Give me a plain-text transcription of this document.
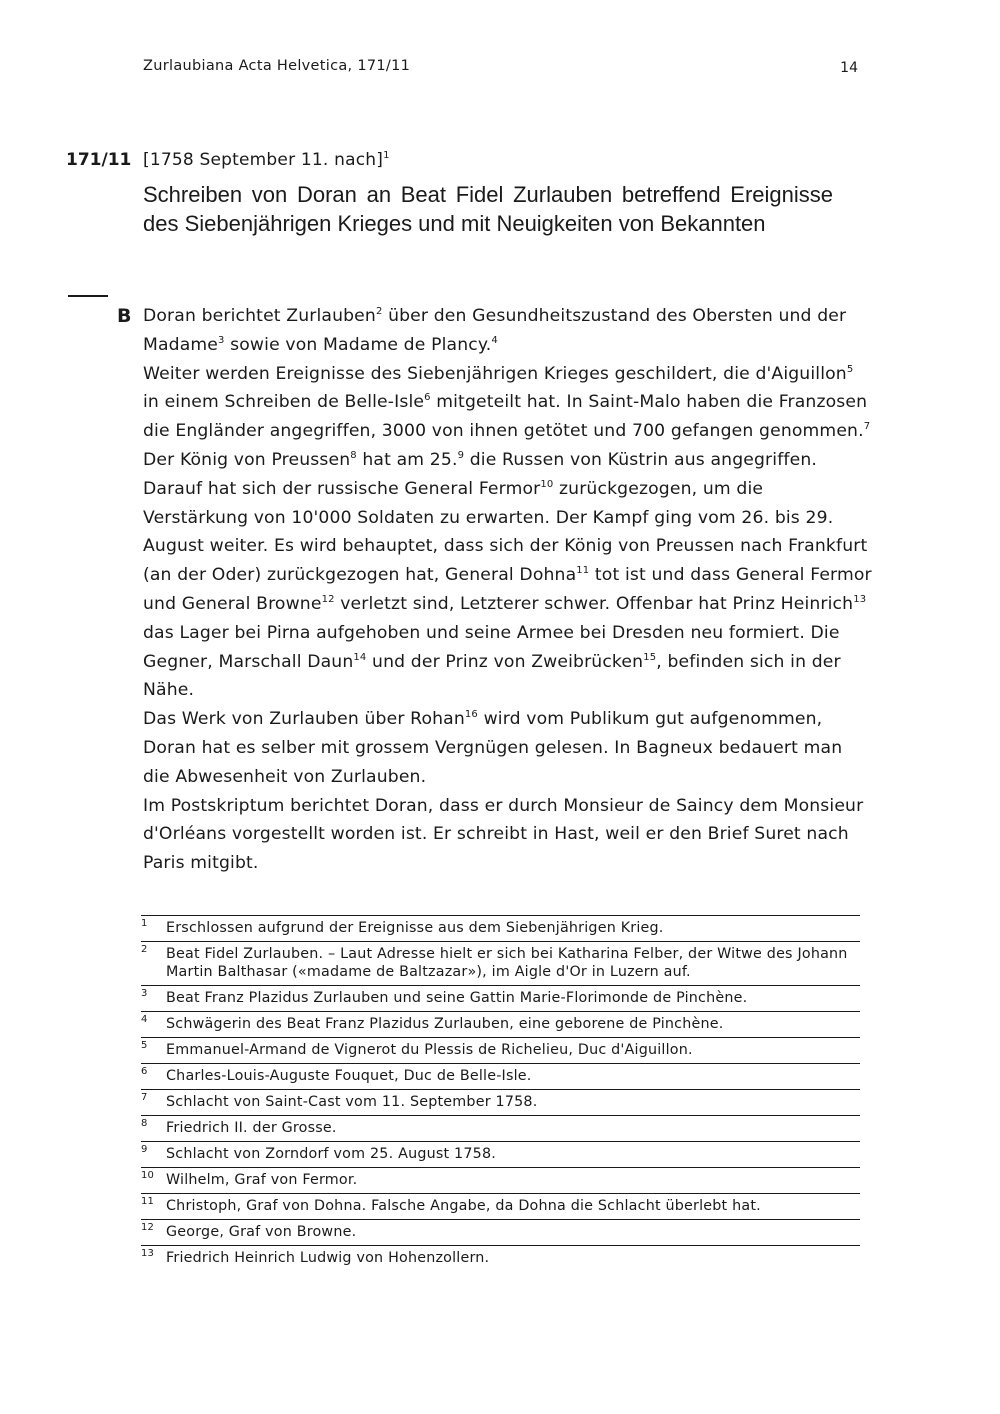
Zurlaubiana Acta Helvetica, 171/11	14
171/11 [1758 September 11. nach]$^1$
Schreiben von Doran an Beat Fidel Zurlauben betreffend Ereignisse des Siebenjährigen Krieges und mit Neuigkeiten von Bekannten
B Doran berichtet Zurlauben$^2$ über den Gesundheitszustand des Obersten und der Madame$^3$ sowie von Madame de Plancy.$^4$

Weiter werden Ereignisse des Siebenjährigen Krieges geschildert, die d'Aiguillon$^5$ in einem Schreiben de Belle-Isle$^6$ mitgeteilt hat. In Saint-Malo haben die Franzosen die Engländer angegriffen, 3000 von ihnen getötet und 700 gefangen genommen.$^7$ Der König von Preussen$^8$ hat am 25.$^9$ die Russen von Küstrin aus angegriffen. Darauf hat sich der russische General Fermor$^{10}$ zurückgezogen, um die Verstärkung von 10'000 Soldaten zu erwarten. Der Kampf ging vom 26. bis 29. August weiter. Es wird behauptet, dass sich der König von Preussen nach Frankfurt (an der Oder) zurückgezogen hat, General Dohna$^{11}$ tot ist und dass General Fermor und General Browne$^{12}$ verletzt sind, Letzterer schwer. Offenbar hat Prinz Heinrich$^{13}$ das Lager bei Pirna aufgehoben und seine Armee bei Dresden neu formiert. Die Gegner, Marschall Daun$^{14}$ und der Prinz von Zweibrücken$^{15}$, befinden sich in der Nähe.

Das Werk von Zurlauben über Rohan$^{16}$ wird vom Publikum gut aufgenommen, Doran hat es selber mit grossem Vergnügen gelesen. In Bagneux bedauert man die Abwesenheit von Zurlauben.

Im Postskriptum berichtet Doran, dass er durch Monsieur de Saincy dem Monsieur d'Orléans vorgestellt worden ist. Er schreibt in Hast, weil er den Brief Suret nach Paris mitgibt.

1	Erschlossen aufgrund der Ereignisse aus dem Siebenjährigen Krieg.
2	Beat Fidel Zurlauben. – Laut Adresse hielt er sich bei Katharina Felber, der Witwe des Johann Martin Balthasar («madame de Baltzazar»), im Aigle d'Or in Luzern auf.
3	Beat Franz Plazidus Zurlauben und seine Gattin Marie-Florimonde de Pinchène.
4	Schwägerin des Beat Franz Plazidus Zurlauben, eine geborene de Pinchène.
5	Emmanuel-Armand de Vignerot du Plessis de Richelieu, Duc d'Aiguillon.
6	Charles-Louis-Auguste Fouquet, Duc de Belle-Isle.
7	Schlacht von Saint-Cast vom 11. September 1758.
8	Friedrich II. der Grosse.
9	Schlacht von Zorndorf vom 25. August 1758.
10 Wilhelm, Graf von Fermor.
11 Christoph, Graf von Dohna. Falsche Angabe, da Dohna die Schlacht überlebt hat.
12 George, Graf von Browne.
13 Friedrich Heinrich Ludwig von Hohenzollern.
